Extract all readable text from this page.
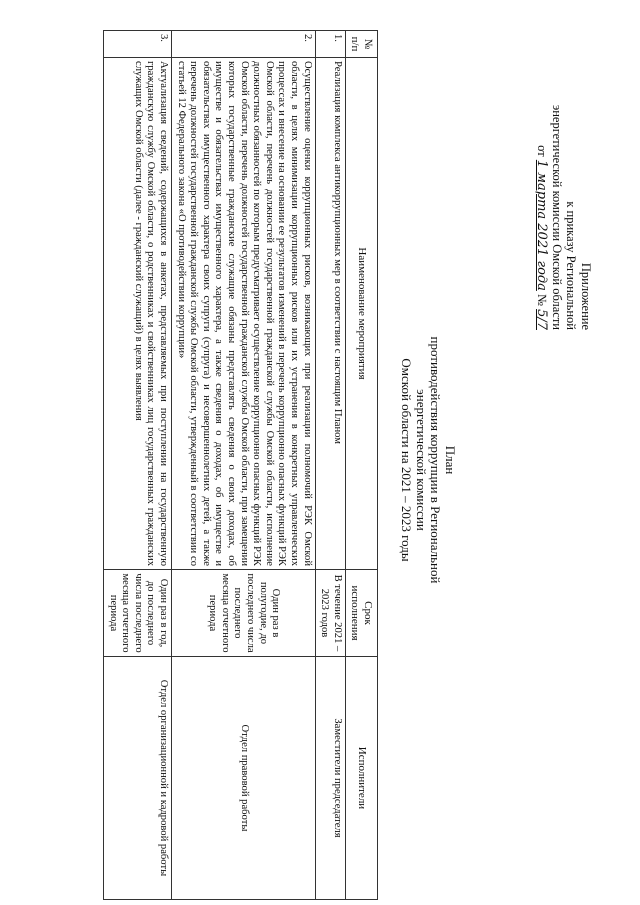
Приложение
к приказу Региональной
энергетической комиссии Омской области
от 1 марта 2021 года № 5/7
План
противодействия коррупции в Региональной энергетической комиссии
Омской области на 2021 – 2023 годы
№ п/п	Наименование мероприятия	Срок исполнения	Исполнители
1.	Реализация комплекса антикоррупционных мер в соответствии с настоящим Планом	В течение 2021 – 2023 годов	Заместители председателя
2.	Осуществление оценки коррупционных рисков, возникающих при реализации полномочий РЭК Омской области, в целях минимизации коррупционных рисков или их устранения в конкретных управленческих процессах и внесение на основании ее результатов изменений в перечень коррупционно опасных функций РЭК Омской области, перечень должностей государственной гражданской службы Омской области, исполнение должностных обязанностей по которым предусматривает осуществление коррупционно опасных функций РЭК Омской области, перечень должностей государственной гражданской службы Омской области, при замещении которых государственные гражданские служащие обязаны представлять сведения о своих доходах, об имуществе и обязательствах имущественного характера, а также сведения о доходах, об имуществе и обязательствах имущественного характера своих супруги (супруга) и несовершеннолетних детей, а также перечень должностей государственной гражданской службы Омской области, утвержденный в соответствии со статьей 12 Федерального закона «О противодействии коррупции»	Один раз в полугодие, до последнего числа последнего месяца отчетного периода	Отдел правовой работы
3.	Актуализация сведений, содержащихся в анкетах, представляемых при поступлении на государственную гражданскую службу Омской области, о родственниках и свойственниках лиц государственных гражданских служащих Омской области (далее - гражданский служащий) в целях выявления	Один раз в год, до последнего числа последнего месяца отчетного периода	Отдел организационной и кадровой работы
